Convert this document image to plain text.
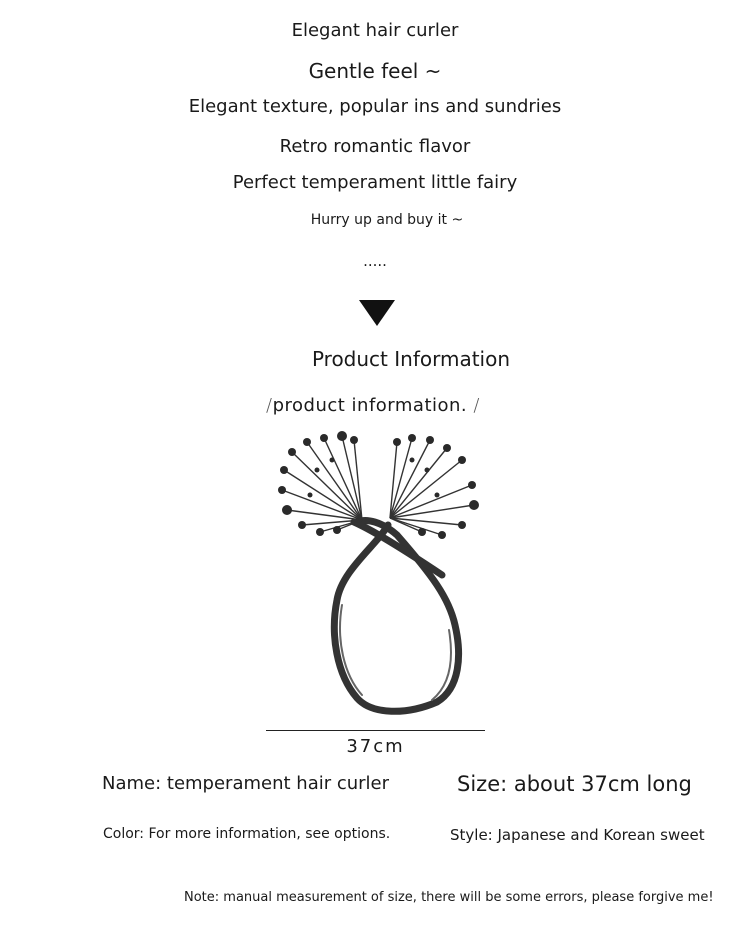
Elegant hair curler
Gentle feel ~
Elegant texture, popular ins and sundries
Retro romantic flavor
Perfect temperament little fairy
Hurry up and buy it ~
.....
Product Information
/product information. /
37cm
Name: temperament hair curler	Size: about 37cm long
Color: For more information, see options.	Style: Japanese and Korean sweet
Note: manual measurement of size, there will be some errors, please forgive me!
